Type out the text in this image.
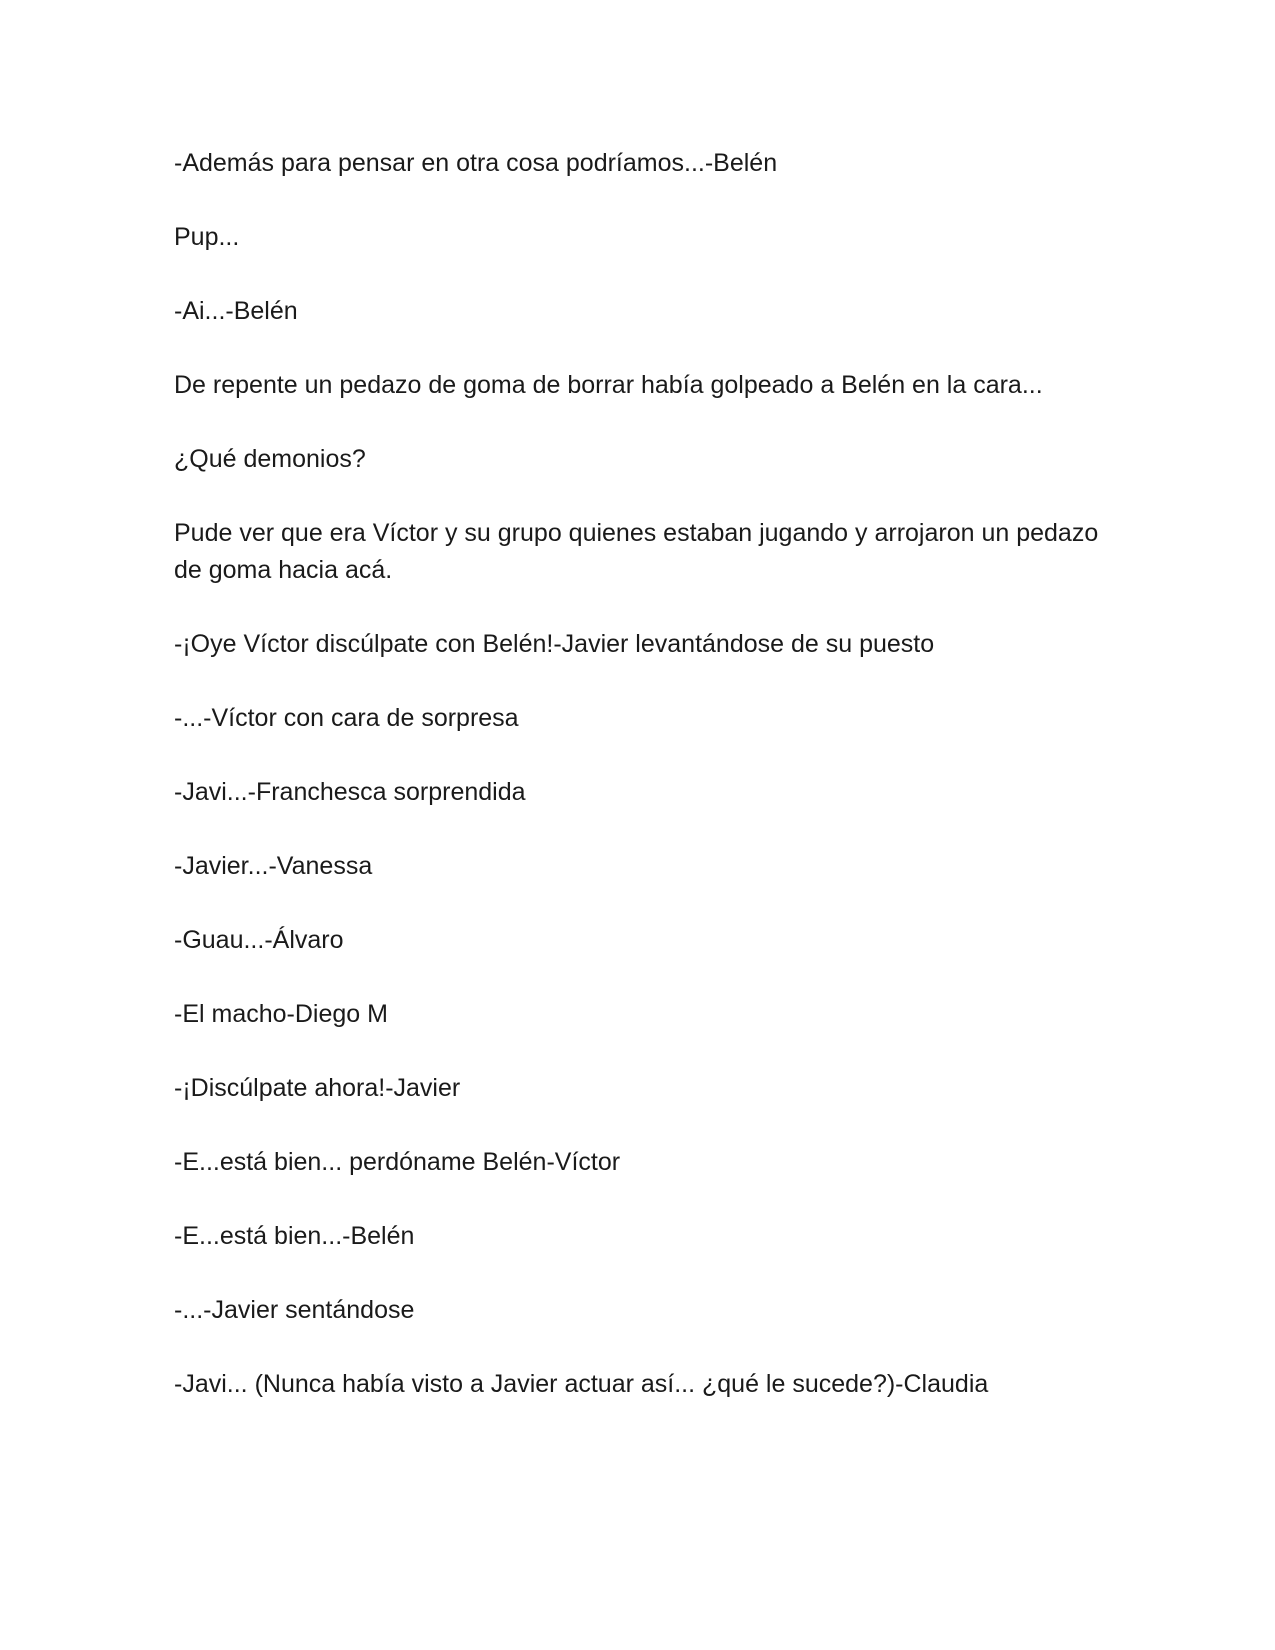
-Además para pensar en otra cosa podríamos...-Belén

Pup...

-Ai...-Belén

De repente un pedazo de goma de borrar había golpeado a Belén en la cara...

¿Qué demonios?

Pude ver que era Víctor y su grupo quienes estaban jugando y arrojaron un pedazo de goma hacia acá.

-¡Oye Víctor discúlpate con Belén!-Javier levantándose de su puesto

-...-Víctor con cara de sorpresa

-Javi...-Franchesca sorprendida

-Javier...-Vanessa

-Guau...-Álvaro

-El macho-Diego M

-¡Discúlpate ahora!-Javier

-E...está bien... perdóname Belén-Víctor

-E...está bien...-Belén

-...-Javier sentándose

-Javi... (Nunca había visto a Javier actuar así... ¿qué le sucede?)-Claudia
